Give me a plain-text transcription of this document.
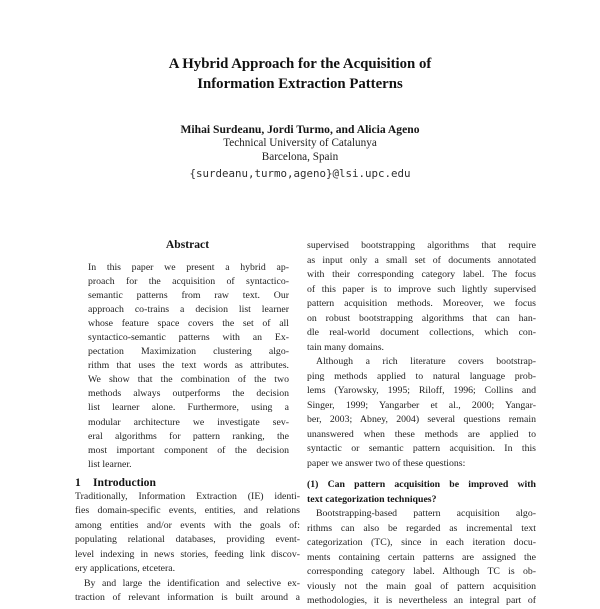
A Hybrid Approach for the Acquisition of
Information Extraction Patterns
Mihai Surdeanu, Jordi Turmo, and Alicia Ageno
Technical University of Catalunya
Barcelona, Spain
{surdeanu,turmo,ageno}@lsi.upc.edu
Abstract
In this paper we present a hybrid ap-
proach for the acquisition of syntactico-
semantic patterns from raw text. Our
approach co-trains a decision list learner
whose feature space covers the set of all
syntactico-semantic patterns with an Ex-
pectation Maximization clustering algo-
rithm that uses the text words as attributes.
We show that the combination of the two
methods always outperforms the decision
list learner alone. Furthermore, using a
modular architecture we investigate sev-
eral algorithms for pattern ranking, the
most important component of the decision
list learner.
1 Introduction
Traditionally, Information Extraction (IE) identi-
fies domain-specific events, entities, and relations
among entities and/or events with the goals of:
populating relational databases, providing event-
level indexing in news stories, feeding link discov-
ery applications, etcetera.
By and large the identification and selective ex-
traction of relevant information is built around a
supervised bootstrapping algorithms that require
as input only a small set of documents annotated
with their corresponding category label. The focus
of this paper is to improve such lightly supervised
pattern acquisition methods. Moreover, we focus
on robust bootstrapping algorithms that can han-
dle real-world document collections, which con-
tain many domains.
Although a rich literature covers bootstrap-
ping methods applied to natural language prob-
lems (Yarowsky, 1995; Riloff, 1996; Collins and
Singer, 1999; Yangarber et al., 2000; Yangar-
ber, 2003; Abney, 2004) several questions remain
unanswered when these methods are applied to
syntactic or semantic pattern acquisition. In this
paper we answer two of these questions:
(1) Can pattern acquisition be improved with
text categorization techniques?
Bootstrapping-based pattern acquisition algo-
rithms can also be regarded as incremental text
categorization (TC), since in each iteration docu-
ments containing certain patterns are assigned the
corresponding category label. Although TC is ob-
viously not the main goal of pattern acquisition
methodologies, it is nevertheless an integral part of
